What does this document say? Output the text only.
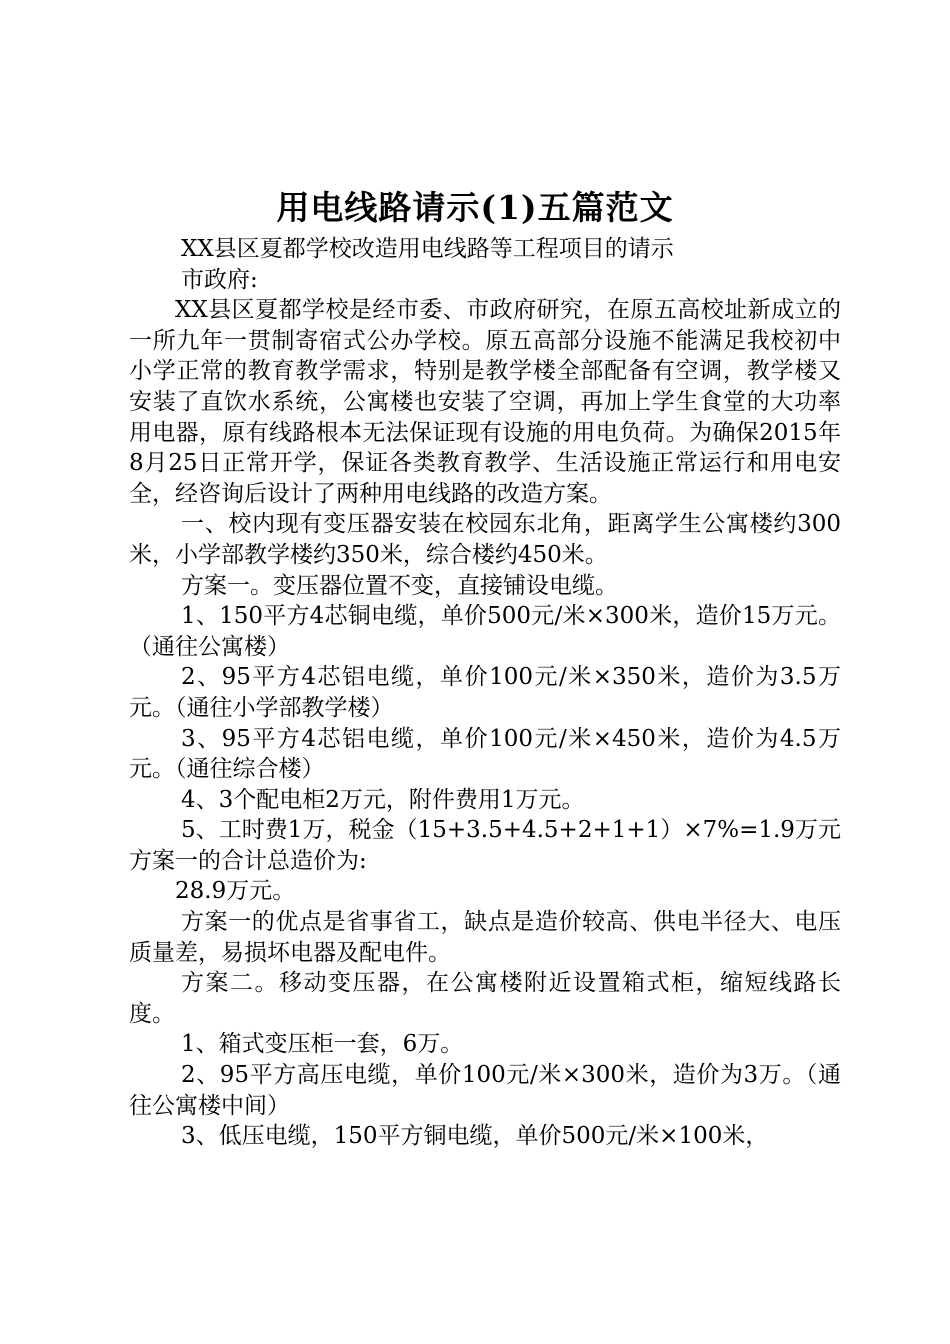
用电线路请示(1)五篇范文

XX县区夏都学校改造用电线路等工程项目的请示

市政府:

XX县区夏都学校是经市委、市政府研究，在原五高校址新成立的一所九年一贯制寄宿式公办学校。原五高部分设施不能满足我校初中小学正常的教育教学需求，特别是教学楼全部配备有空调，教学楼又安装了直饮水系统，公寓楼也安装了空调，再加上学生食堂的大功率用电器，原有线路根本无法保证现有设施的用电负荷。为确保2015年8月25日正常开学，保证各类教育教学、生活设施正常运行和用电安全，经咨询后设计了两种用电线路的改造方案。

一、校内现有变压器安装在校园东北角，距离学生公寓楼约300米，小学部教学楼约350米，综合楼约450米。

方案一。变压器位置不变，直接铺设电缆。

1、150平方4芯铜电缆，单价500元/米×300米，造价15万元。（通往公寓楼）

2、95平方4芯铝电缆，单价100元/米×350米，造价为3.5万元。（通往小学部教学楼）

3、95平方4芯铝电缆，单价100元/米×450米，造价为4.5万元。（通往综合楼）

4、3个配电柜2万元，附件费用1万元。

5、工时费1万，税金（15+3.5+4.5+2+1+1）×7%=1.9万元方案一的合计总造价为:

28.9万元。

方案一的优点是省事省工，缺点是造价较高、供电半径大、电压质量差，易损坏电器及配电件。

方案二。移动变压器，在公寓楼附近设置箱式柜，缩短线路长度。

1、箱式变压柜一套，6万。

2、95平方高压电缆，单价100元/米×300米，造价为3万。（通往公寓楼中间）

3、低压电缆，150平方铜电缆，单价500元/米×100米，
